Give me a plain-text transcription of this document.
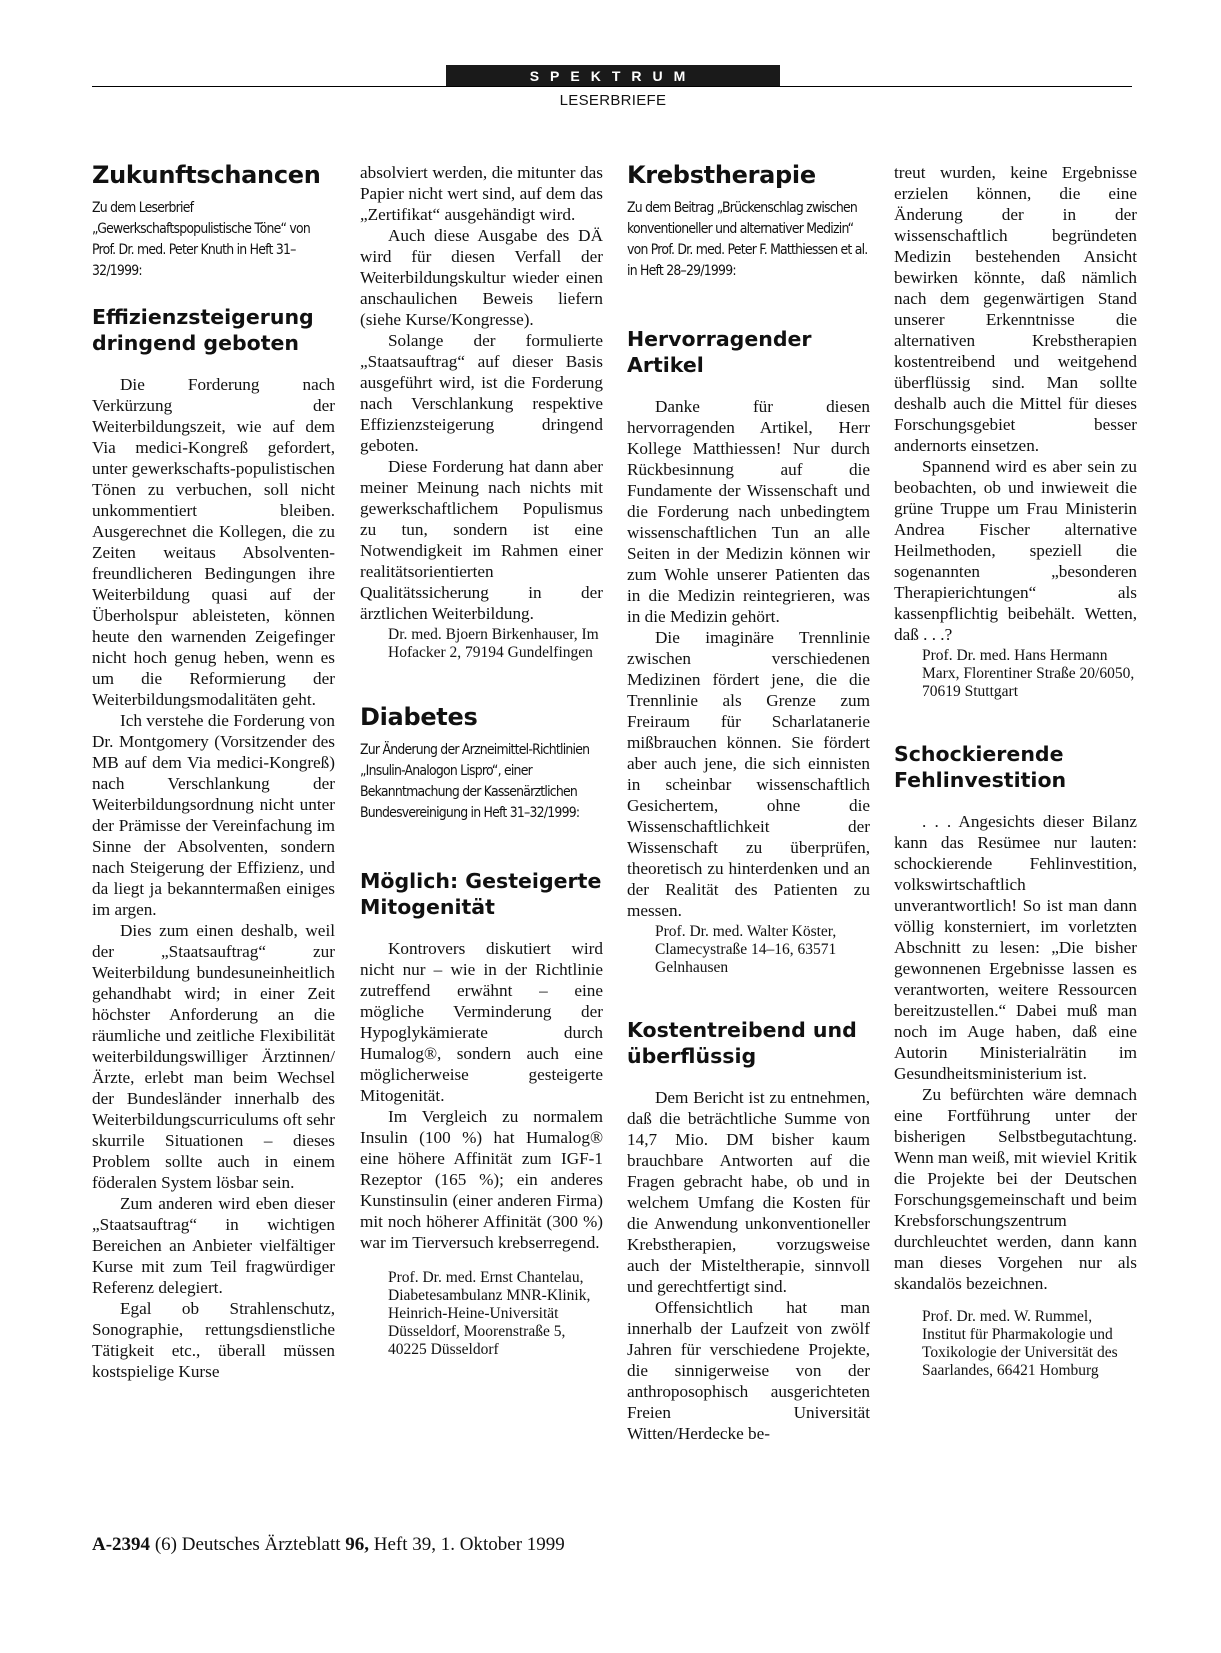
SPEKTRUM
LESERBRIEFE
Zukunftschancen

Zu dem Leserbrief „Gewerkschaftspopulistische Töne“ von Prof. Dr. med. Peter Knuth in Heft 31–32/1999:

Effizienzsteigerung dringend geboten

Die Forderung nach Verkürzung der Weiterbildungszeit, wie auf dem Via medici-Kongreß gefordert, unter gewerkschafts-populistischen Tönen zu verbuchen, soll nicht unkommentiert bleiben. Ausgerechnet die Kollegen, die zu Zeiten weitaus Absolventen-freundlicheren Bedingungen ihre Weiterbildung quasi auf der Überholspur ableisteten, können heute den warnenden Zeigefinger nicht hoch genug heben, wenn es um die Reformierung der Weiterbildungsmodalitäten geht.

Ich verstehe die Forderung von Dr. Montgomery (Vorsitzender des MB auf dem Via medici-Kongreß) nach Verschlankung der Weiterbildungsordnung nicht unter der Prämisse der Vereinfachung im Sinne der Absolventen, sondern nach Steigerung der Effizienz, und da liegt ja bekanntermaßen einiges im argen.

Dies zum einen deshalb, weil der „Staatsauftrag“ zur Weiterbildung bundesuneinheitlich gehandhabt wird; in einer Zeit höchster Anforderung an die räumliche und zeitliche Flexibilität weiterbildungswilliger Ärztinnen/Ärzte, erlebt man beim Wechsel der Bundesländer innerhalb des Weiterbildungscurriculums oft sehr skurrile Situationen – dieses Problem sollte auch in einem föderalen System lösbar sein.

Zum anderen wird eben dieser „Staatsauftrag“ in wichtigen Bereichen an Anbieter vielfältiger Kurse mit zum Teil fragwürdiger Referenz delegiert.

Egal ob Strahlenschutz, Sonographie, rettungsdienstliche Tätigkeit etc., überall müssen kostspielige Kurse

absolviert werden, die mitunter das Papier nicht wert sind, auf dem das „Zertifikat“ ausgehändigt wird.

Auch diese Ausgabe des DÄ wird für diesen Verfall der Weiterbildungskultur wieder einen anschaulichen Beweis liefern (siehe Kurse/Kongresse).

Solange der formulierte „Staatsauftrag“ auf dieser Basis ausgeführt wird, ist die Forderung nach Verschlankung respektive Effizienzsteigerung dringend geboten.

Diese Forderung hat dann aber meiner Meinung nach nichts mit gewerkschaftlichem Populismus zu tun, sondern ist eine Notwendigkeit im Rahmen einer realitätsorientierten Qualitätssicherung in der ärztlichen Weiterbildung.

Dr. med. Bjoern Birkenhauser, Im Hofacker 2, 79194 Gundelfingen

Diabetes

Zur Änderung der Arzneimittel-Richtlinien „Insulin-Analogon Lispro“, einer Bekanntmachung der Kassenärztlichen Bundesvereinigung in Heft 31–32/1999:

Möglich: Gesteigerte Mitogenität

Kontrovers diskutiert wird nicht nur – wie in der Richtlinie zutreffend erwähnt – eine mögliche Verminderung der Hypoglykämierate durch Humalog®, sondern auch eine möglicherweise gesteigerte Mitogenität.

Im Vergleich zu normalem Insulin (100 %) hat Humalog® eine höhere Affinität zum IGF-1 Rezeptor (165 %); ein anderes Kunstinsulin (einer anderen Firma) mit noch höherer Affinität (300 %) war im Tierversuch krebserregend.

Prof. Dr. med. Ernst Chantelau, Diabetesambulanz MNR-Klinik, Heinrich-Heine-Universität Düsseldorf, Moorenstraße 5, 40225 Düsseldorf

Krebstherapie

Zu dem Beitrag „Brückenschlag zwischen konventioneller und alternativer Medizin“ von Prof. Dr. med. Peter F. Matthiessen et al. in Heft 28–29/1999:

Hervorragender Artikel

Danke für diesen hervorragenden Artikel, Herr Kollege Matthiessen! Nur durch Rückbesinnung auf die Fundamente der Wissenschaft und die Forderung nach unbedingtem wissenschaftlichen Tun an alle Seiten in der Medizin können wir zum Wohle unserer Patienten das in die Medizin reintegrieren, was in die Medizin gehört.

Die imaginäre Trennlinie zwischen verschiedenen Medizinen fördert jene, die die Trennlinie als Grenze zum Freiraum für Scharlatanerie mißbrauchen können. Sie fördert aber auch jene, die sich einnisten in scheinbar wissenschaftlich Gesichertem, ohne die Wissenschaftlichkeit der Wissenschaft zu überprüfen, theoretisch zu hinterdenken und an der Realität des Patienten zu messen.

Prof. Dr. med. Walter Köster, Clamecystraße 14–16, 63571 Gelnhausen

Kostentreibend und überflüssig

Dem Bericht ist zu entnehmen, daß die beträchtliche Summe von 14,7 Mio. DM bisher kaum brauchbare Antworten auf die Fragen gebracht habe, ob und in welchem Umfang die Kosten für die Anwendung unkonventioneller Krebstherapien, vorzugsweise auch der Misteltherapie, sinnvoll und gerechtfertigt sind.

Offensichtlich hat man innerhalb der Laufzeit von zwölf Jahren für verschiedene Projekte, die sinnigerweise von der anthroposophisch ausgerichteten Freien Universität Witten/Herdecke be-

treut wurden, keine Ergebnisse erzielen können, die eine Änderung der in der wissenschaftlich begründeten Medizin bestehenden Ansicht bewirken könnte, daß nämlich nach dem gegenwärtigen Stand unserer Erkenntnisse die alternativen Krebstherapien kostentreibend und weitgehend überflüssig sind. Man sollte deshalb auch die Mittel für dieses Forschungsgebiet besser andernorts einsetzen.

Spannend wird es aber sein zu beobachten, ob und inwieweit die grüne Truppe um Frau Ministerin Andrea Fischer alternative Heilmethoden, speziell die sogenannten „besonderen Therapierichtungen“ als kassenpflichtig beibehält. Wetten, daß . . .?

Prof. Dr. med. Hans Hermann Marx, Florentiner Straße 20/6050, 70619 Stuttgart

Schockierende Fehlinvestition

. . . Angesichts dieser Bilanz kann das Resümee nur lauten: schockierende Fehlinvestition, volkswirtschaftlich unverantwortlich! So ist man dann völlig konsterniert, im vorletzten Abschnitt zu lesen: „Die bisher gewonnenen Ergebnisse lassen es verantworten, weitere Ressourcen bereitzustellen.“ Dabei muß man noch im Auge haben, daß eine Autorin Ministerialrätin im Gesundheitsministerium ist.

Zu befürchten wäre demnach eine Fortführung unter der bisherigen Selbstbegutachtung. Wenn man weiß, mit wieviel Kritik die Projekte bei der Deutschen Forschungsgemeinschaft und beim Krebsforschungszentrum durchleuchtet werden, dann kann man dieses Vorgehen nur als skandalös bezeichnen.

Prof. Dr. med. W. Rummel, Institut für Pharmakologie und Toxikologie der Universität des Saarlandes, 66421 Homburg

A-2394 (6) Deutsches Ärzteblatt 96, Heft 39, 1. Oktober 1999
